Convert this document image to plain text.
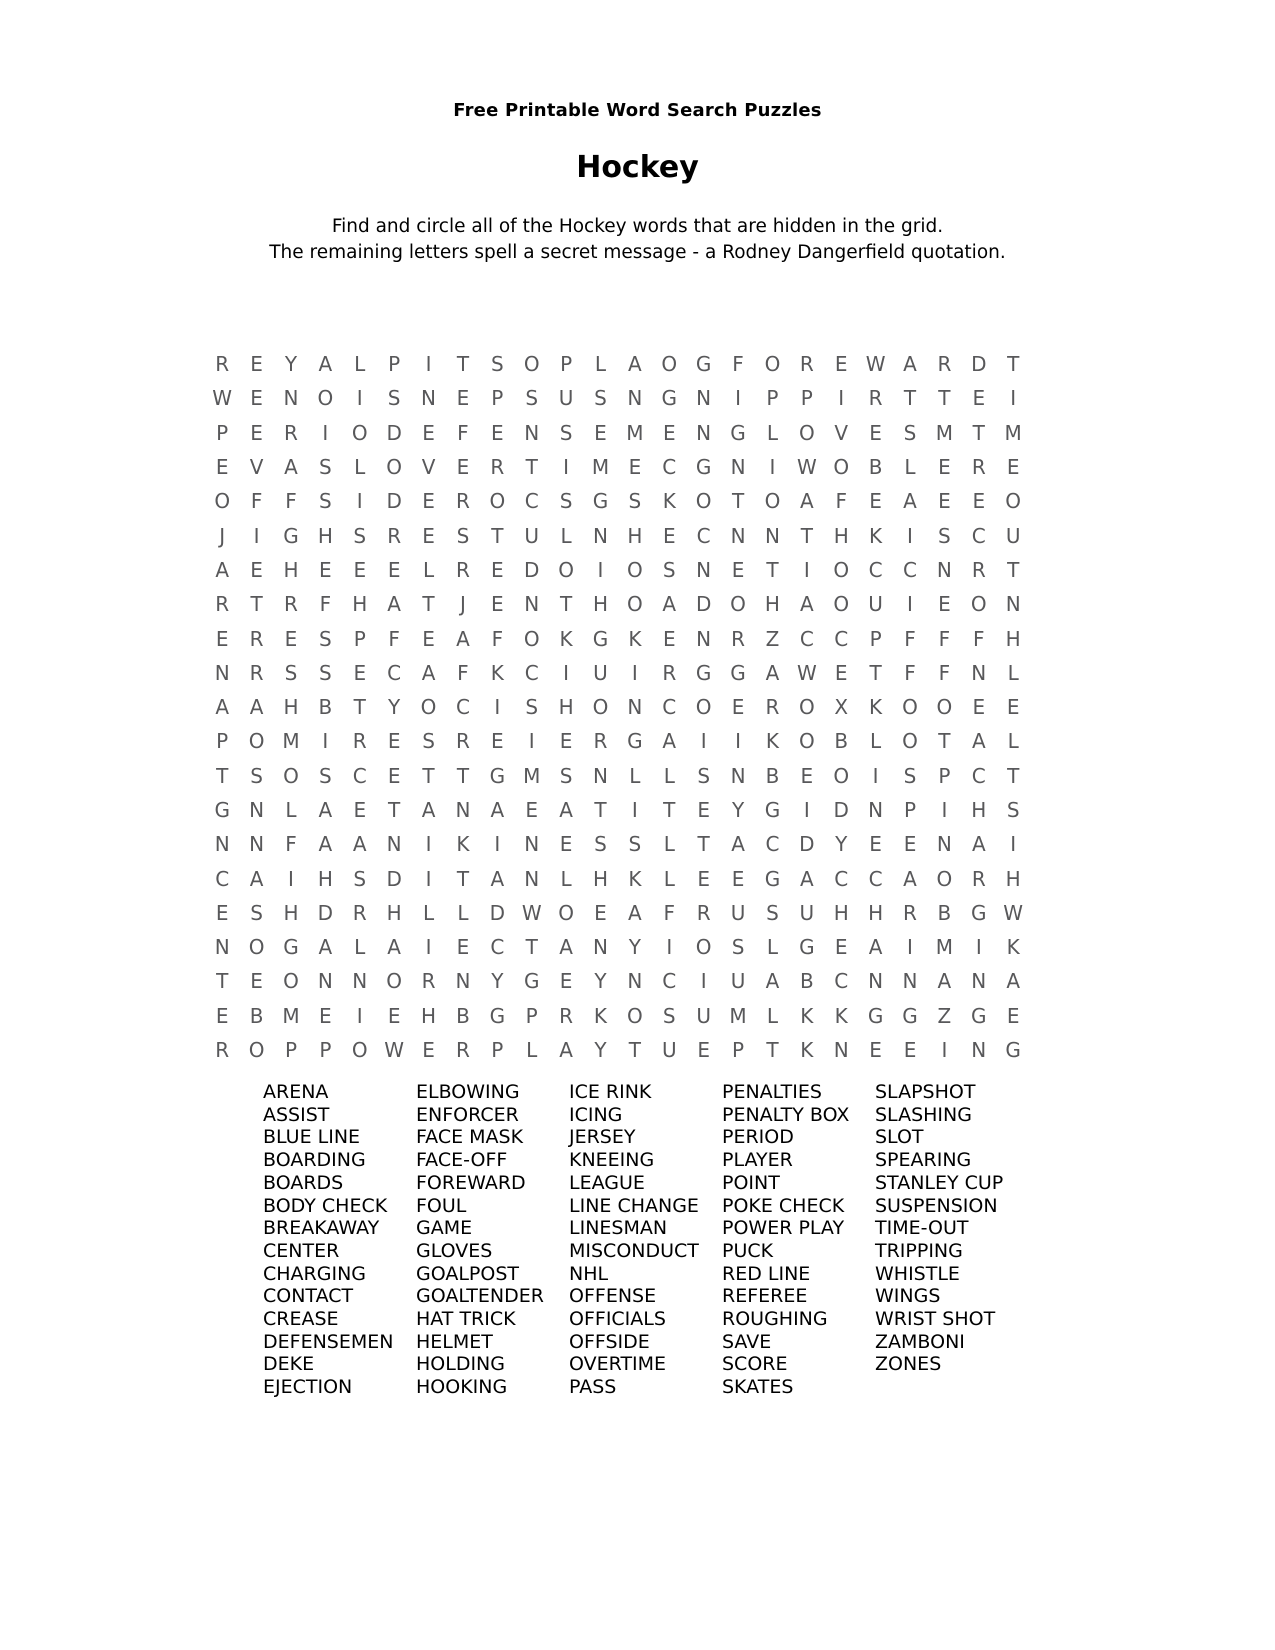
Free Printable Word Search Puzzles
Hockey
Find and circle all of the Hockey words that are hidden in the grid.
The remaining letters spell a secret message - a Rodney Dangerfield quotation.
R	E	Y	A	L	P	I	T	S	O	P	L	A O G	F	O R	E W A	R D	T
W E	N O	I	S	N	E	P	S	U	S	N G N	I	P	P	I	R	T	T	E	I
P	E	R	I	O D	E	F	E	N	S	E M E	N G	L	O V	E	S M T M
E	V	A	S	L	O V	E	R	T	I	M E	C G N	I	W O B	L	E	R	E
O	F	F	S	I	D	E	R O C	S	G	S	K O	T	O A	F	E	A	E	E	O
J	I	G H	S	R	E	S	T	U	L	N H	E	C N N	T	H	K	I	S	C	U
A	E	H	E	E	E	L	R	E	D O	I	O	S	N	E	T	I	O C	C N R	T
R	T	R	F	H	A	T	J	E	N	T	H O A D O H	A O U	I	E	O N
E	R	E	S	P	F	E	A	F	O K	G	K	E	N R	Z	C	C	P	F	F	F	H
N R	S	S	E	C	A	F	K	C	I	U	I	R G G A W E	T	F	F	N	L
A	A	H	B	T	Y	O C	I	S	H O N C O	E	R O X	K O O	E	E
P	O M	I	R	E	S	R	E	I	E	R G A	I	I	K O B	L	O	T	A	L
T	S	O	S	C	E	T	T	G M S	N	L	L	S	N	B	E	O	I	S	P	C	T
G N	L	A	E	T	A	N	A	E	A	T	I	T	E	Y	G	I	D N	P	I	H	S
N N	F	A	A	N	I	K	I	N	E	S	S	L	T	A	C D	Y	E	E	N	A	I
C	A	I	H	S	D	I	T	A	N	L	H	K	L	E	E	G A	C	C	A O R H
E	S	H D R H	L	L	D W O	E	A	F	R	U	S	U H H R	B G W
N O G A	L	A	I	E	C	T	A	N	Y	I	O	S	L	G	E	A	I	M	I	K
T	E	O N N O R N	Y	G	E	Y	N C	I	U	A	B	C N N	A	N	A
E	B M E	I	E	H	B G	P	R	K O	S	U M	L	K	K	G G Z G	E
R O	P	P	O W E	R	P	L	A	Y	T	U	E	P	T	K	N	E	E	I	N G
ARENA
ASSIST
BLUE LINE
BOARDING
BOARDS
BODY CHECK
BREAKAWAY
CENTER
CHARGING
CONTACT
CREASE
DEFENSEMEN
DEKE
EJECTION
ELBOWING
ENFORCER
FACE MASK
FACE-OFF
FOREWARD
FOUL
GAME
GLOVES
GOALPOST
GOALTENDER
HAT TRICK
HELMET
HOLDING
HOOKING
ICE RINK
ICING
JERSEY
KNEEING
LEAGUE
LINE CHANGE
LINESMAN
MISCONDUCT
NHL
OFFENSE
OFFICIALS
OFFSIDE
OVERTIME
PASS
PENALTIES
PENALTY BOX
PERIOD
PLAYER
POINT
POKE CHECK
POWER PLAY
PUCK
RED LINE
REFEREE
ROUGHING
SAVE
SCORE
SKATES
SLAPSHOT
SLASHING
SLOT
SPEARING
STANLEY CUP
SUSPENSION
TIME-OUT
TRIPPING
WHISTLE
WINGS
WRIST SHOT
ZAMBONI
ZONES
